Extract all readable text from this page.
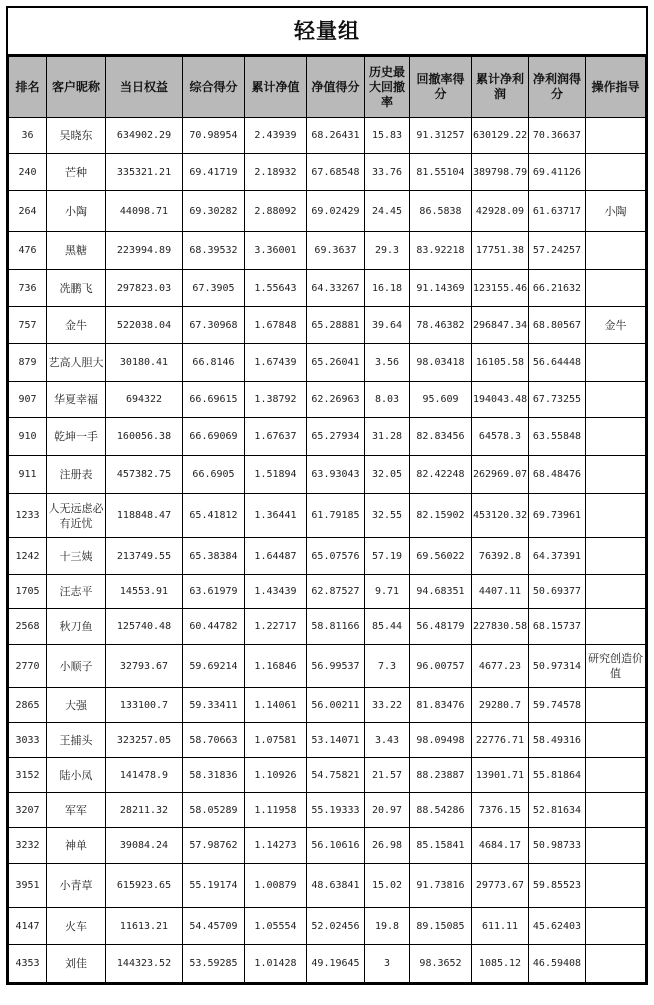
轻量组
排名	客户昵称	当日权益	综合得分	累计净值	净值得分	历史最大回撤率	回撤率得分	累计净利润	净利润得分	操作指导
36	吴晓东	634902.29	70.98954	2.43939	68.26431	15.83	91.31257	630129.22	70.36637	
240	芒种	335321.21	69.41719	2.18932	67.68548	33.76	81.55104	389798.79	69.41126	
264	小陶	44098.71	69.30282	2.88092	69.02429	24.45	86.5838	42928.09	61.63717	小陶
476	黑糖	223994.89	68.39532	3.36001	69.3637	29.3	83.92218	17751.38	57.24257	
736	冼鹏飞	297823.03	67.3905	1.55643	64.33267	16.18	91.14369	123155.46	66.21632	
757	金牛	522038.04	67.30968	1.67848	65.28881	39.64	78.46382	296847.34	68.80567	金牛
879	艺高人胆大	30180.41	66.8146	1.67439	65.26041	3.56	98.03418	16105.58	56.64448	
907	华夏幸福	694322	66.69615	1.38792	62.26963	8.03	95.609	194043.48	67.73255	
910	乾坤一手	160056.38	66.69069	1.67637	65.27934	31.28	82.83456	64578.3	63.55848	
911	注册表	457382.75	66.6905	1.51894	63.93043	32.05	82.42248	262969.07	68.48476	
1233	人无远虑必有近忧	118848.47	65.41812	1.36441	61.79185	32.55	82.15902	453120.32	69.73961	
1242	十三姨	213749.55	65.38384	1.64487	65.07576	57.19	69.56022	76392.8	64.37391	
1705	汪志平	14553.91	63.61979	1.43439	62.87527	9.71	94.68351	4407.11	50.69377	
2568	秋刀鱼	125740.48	60.44782	1.22717	58.81166	85.44	56.48179	227830.58	68.15737	
2770	小顺子	32793.67	59.69214	1.16846	56.99537	7.3	96.00757	4677.23	50.97314	研究创造价值
2865	大强	133100.7	59.33411	1.14061	56.00211	33.22	81.83476	29280.7	59.74578	
3033	王捕头	323257.05	58.70663	1.07581	53.14071	3.43	98.09498	22776.71	58.49316	
3152	陆小凤	141478.9	58.31836	1.10926	54.75821	21.57	88.23887	13901.71	55.81864	
3207	军军	28211.32	58.05289	1.11958	55.19333	20.97	88.54286	7376.15	52.81634	
3232	神单	39084.24	57.98762	1.14273	56.10616	26.98	85.15841	4684.17	50.98733	
3951	小青草	615923.65	55.19174	1.00879	48.63841	15.02	91.73816	29773.67	59.85523	
4147	火车	11613.21	54.45709	1.05554	52.02456	19.8	89.15085	611.11	45.62403	
4353	刘佳	144323.52	53.59285	1.01428	49.19645	3	98.3652	1085.12	46.59408	
